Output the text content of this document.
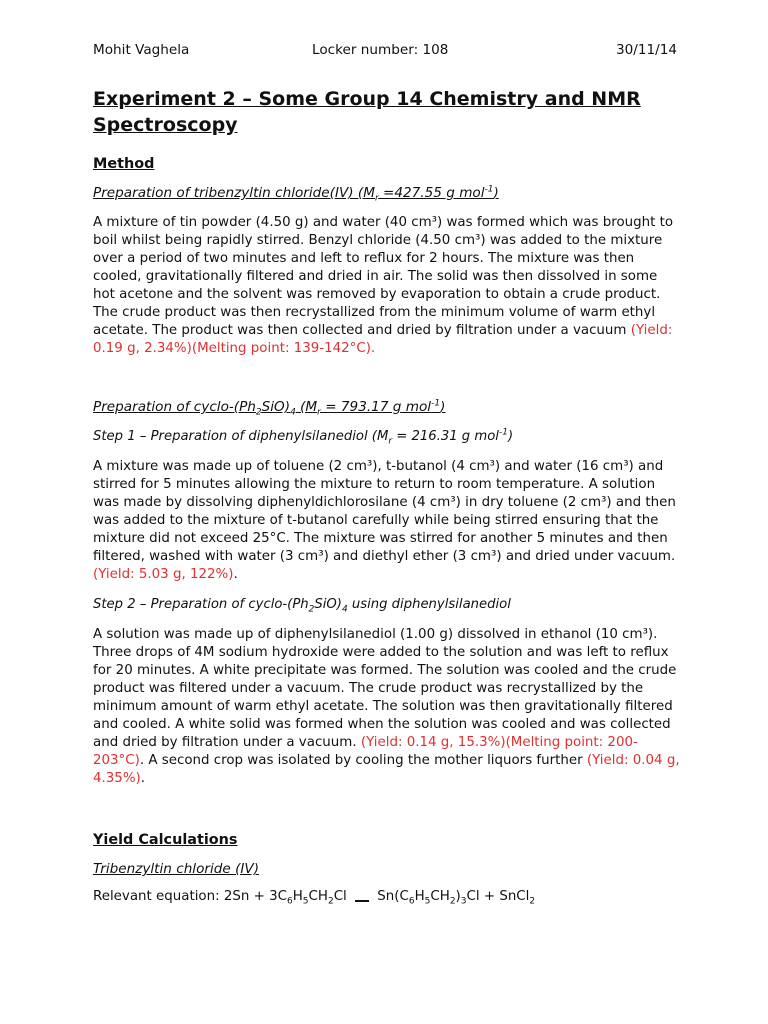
Mohit Vaghela	Locker number: 108	30/11/14
Experiment 2 – Some Group 14 Chemistry and NMR Spectroscopy
Method
Preparation of tribenzyltin chloride(IV) ($M_r =427.55$ g mol$^{-1}$)

A mixture of tin powder (4.50 g) and water (40 cm³) was formed which was brought to boil whilst being rapidly stirred. Benzyl chloride (4.50 cm³) was added to the mixture over a period of two minutes and left to reflux for 2 hours. The mixture was then cooled, gravitationally filtered and dried in air. The solid was then dissolved in some hot acetone and the solvent was removed by evaporation to obtain a crude product. The crude product was then recrystallized from the minimum volume of warm ethyl acetate. The product was then collected and dried by filtration under a vacuum (Yield: 0.19 g, 2.34%)(Melting point: 139-142°C).

Preparation of cyclo-$(Ph_2SiO)_4$ ($M_r = 793.17$ g mol$^{-1}$)
Step 1 – Preparation of diphenylsilanediol ($M_r = 216.31$ g mol$^{-1}$)

A mixture was made up of toluene (2 cm³), t-butanol (4 cm³) and water (16 cm³) and stirred for 5 minutes allowing the mixture to return to room temperature. A solution was made by dissolving diphenyldichlorosilane (4 cm³) in dry toluene (2 cm³) and then was added to the mixture of t-butanol carefully while being stirred ensuring that the mixture did not exceed 25°C. The mixture was stirred for another 5 minutes and then filtered, washed with water (3 cm³) and diethyl ether (3 cm³) and dried under vacuum. (Yield: 5.03 g, 122%).

Step 2 – Preparation of cyclo-$(Ph_2SiO)_4$ using diphenylsilanediol

A solution was made up of diphenylsilanediol (1.00 g) dissolved in ethanol (10 cm³). Three drops of 4M sodium hydroxide were added to the solution and was left to reflux for 20 minutes. A white precipitate was formed. The solution was cooled and the crude product was filtered under a vacuum. The crude product was recrystallized by the minimum amount of warm ethyl acetate. The solution was then gravitationally filtered and cooled. A white solid was formed when the solution was cooled and was collected and dried by filtration under a vacuum. (Yield: 0.14 g, 15.3%)(Melting point: 200-203°C). A second crop was isolated by cooling the mother liquors further (Yield: 0.04 g, 4.35%).

Yield Calculations
Tribenzyltin chloride (IV)

Relevant equation: $2Sn + 3C_6H_5CH_2Cl$  $Sn(C_6H_5CH_2)_3Cl$ + SnCl$_2$
